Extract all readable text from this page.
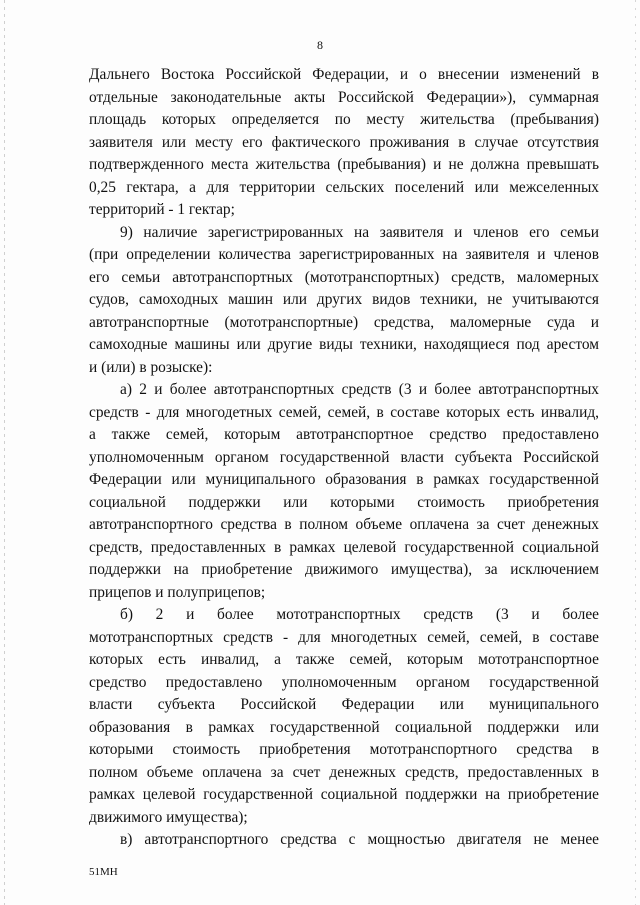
8

Дальнего Востока Российской Федерации, и о внесении изменений в
отдельные законодательные акты Российской Федерации»), суммарная
площадь которых определяется по месту жительства (пребывания)
заявителя или месту его фактического проживания в случае отсутствия
подтвержденного места жительства (пребывания) и не должна превышать
0,25 гектара, а для территории сельских поселений или межселенных
территорий - 1 гектар;
9) наличие зарегистрированных на заявителя и членов его семьи
(при определении количества зарегистрированных на заявителя и членов
его семьи автотранспортных (мототранспортных) средств, маломерных
судов, самоходных машин или других видов техники, не учитываются
автотранспортные (мототранспортные) средства, маломерные суда и
самоходные машины или другие виды техники, находящиеся под арестом
и (или) в розыске):
а) 2 и более автотранспортных средств (3 и более автотранспортных
средств - для многодетных семей, семей, в составе которых есть инвалид,
а также семей, которым автотранспортное средство предоставлено
уполномоченным органом государственной власти субъекта Российской
Федерации или муниципального образования в рамках государственной
социальной поддержки или которыми стоимость приобретения
автотранспортного средства в полном объеме оплачена за счет денежных
средств, предоставленных в рамках целевой государственной социальной
поддержки на приобретение движимого имущества), за исключением
прицепов и полуприцепов;
б) 2 и более мототранспортных средств (3 и более
мототранспортных средств - для многодетных семей, семей, в составе
которых есть инвалид, а также семей, которым мототранспортное
средство предоставлено уполномоченным органом государственной
власти субъекта Российской Федерации или муниципального
образования в рамках государственной социальной поддержки или
которыми стоимость приобретения мототранспортного средства в
полном объеме оплачена за счет денежных средств, предоставленных в
рамках целевой государственной социальной поддержки на приобретение
движимого имущества);
в) автотранспортного средства с мощностью двигателя не менее

51МН
